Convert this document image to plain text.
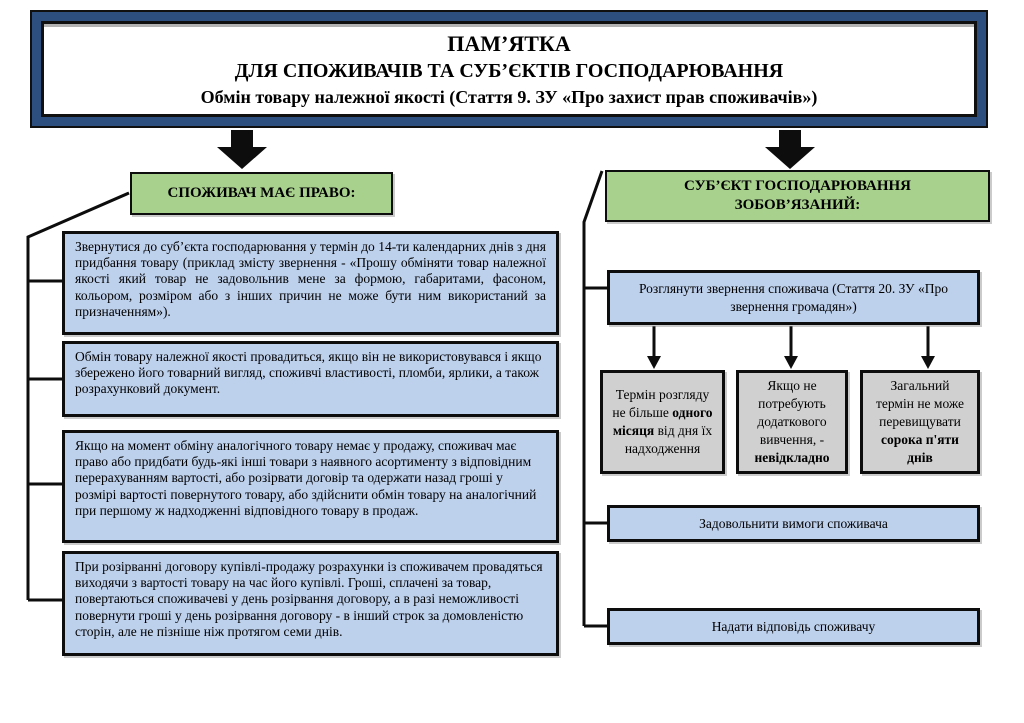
ПАМ’ЯТКА
ДЛЯ СПОЖИВАЧІВ ТА СУБ’ЄКТІВ ГОСПОДАРЮВАННЯ
Обмін товару належної якості (Стаття 9. ЗУ «Про захист прав споживачів»)
СПОЖИВАЧ МАЄ ПРАВО:
Звернутися до суб’єкта господарювання у термін до 14-ти календарних днів з дня придбання товару (приклад змісту звернення - «Прошу обміняти товар належної якості який товар не задовольнив мене за формою, габаритами, фасоном, кольором, розміром або з інших причин не може бути ним використаний за призначенням»).
Обмін товару належної якості провадиться, якщо він не використовувався і якщо збережено його товарний вигляд, споживчі властивості, пломби, ярлики, а також розрахунковий документ.
Якщо на момент обміну аналогічного товару немає у продажу, споживач має право або придбати будь-які інші товари з наявного асортименту з відповідним перерахуванням вартості, або розірвати договір та одержати назад гроші у розмірі вартості повернутого товару, або здійснити обмін товару на аналогічний при першому ж надходженні відповідного товару в продаж.
При розірванні договору купівлі-продажу розрахунки із споживачем провадяться виходячи з вартості товару на час його купівлі. Гроші, сплачені за товар, повертаються споживачеві у день розірвання договору, а в разі неможливості повернути гроші у день розірвання договору - в інший строк за домовленістю сторін, але не пізніше ніж протягом семи днів.
СУБ’ЄКТ ГОСПОДАРЮВАННЯ
ЗОБОВ’ЯЗАНИЙ:
Розглянути звернення споживача (Стаття 20. ЗУ «Про звернення громадян»)
Термін розгляду не більше одного місяця від дня їх надходження
Якщо не потребують додаткового вивчення, - невідкладно
Загальний термін не може перевищувати сорока п'яти днів
Задовольнити вимоги споживача
Надати відповідь споживачу
